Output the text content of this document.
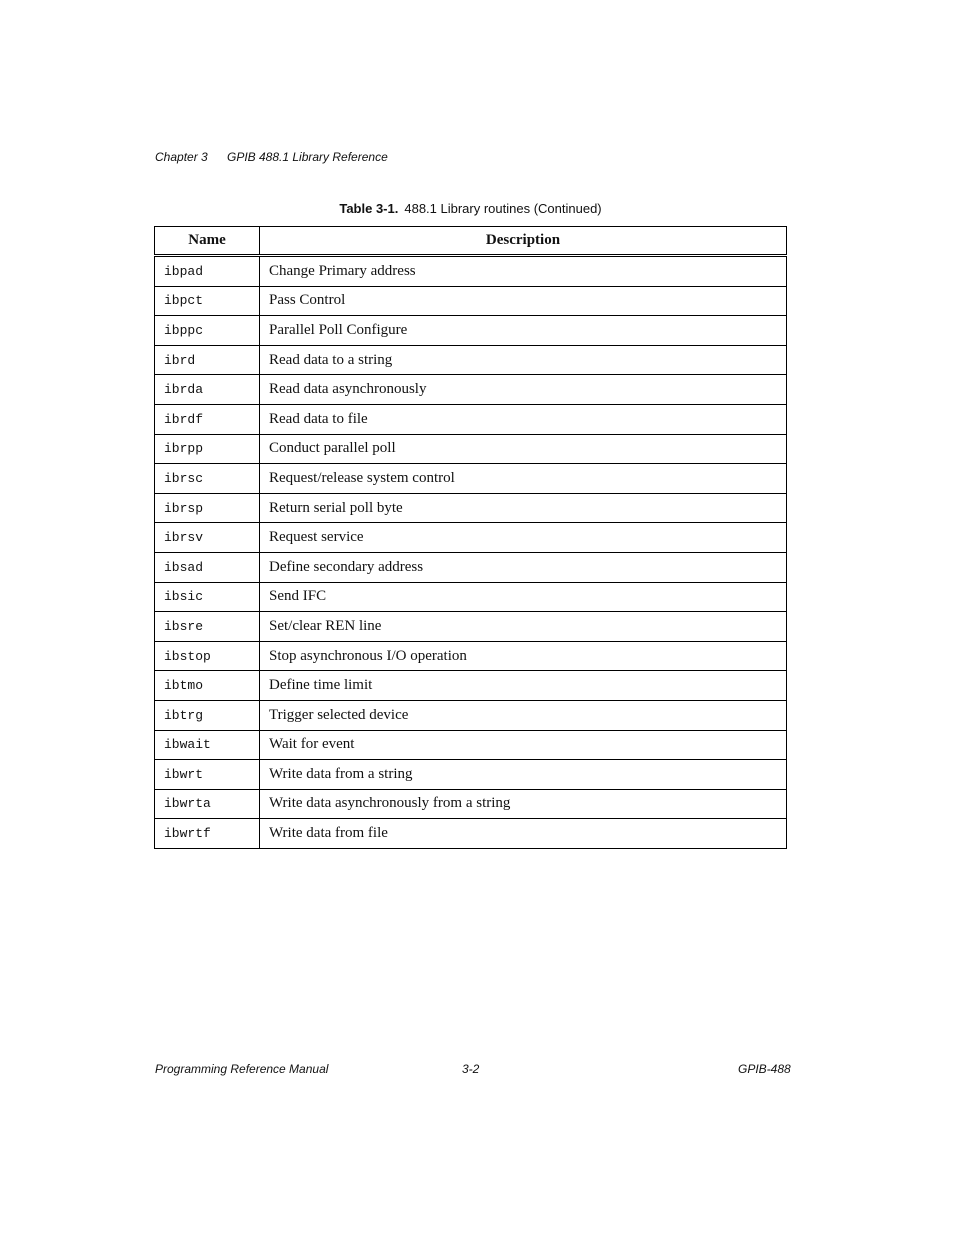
Chapter 3 GPIB 488.1 Library Reference
Table 3-1. 488.1 Library routines (Continued)
Name	Description
ibpad	Change Primary address
ibpct	Pass Control
ibppc	Parallel Poll Configure
ibrd	Read data to a string
ibrda	Read data asynchronously
ibrdf	Read data to file
ibrpp	Conduct parallel poll
ibrsc	Request/release system control
ibrsp	Return serial poll byte
ibrsv	Request service
ibsad	Define secondary address
ibsic	Send IFC
ibsre	Set/clear REN line
ibstop	Stop asynchronous I/O operation
ibtmo	Define time limit
ibtrg	Trigger selected device
ibwait	Wait for event
ibwrt	Write data from a string
ibwrta	Write data asynchronously from a string
ibwrtf	Write data from file
Programming Reference Manual	3-2	GPIB-488
